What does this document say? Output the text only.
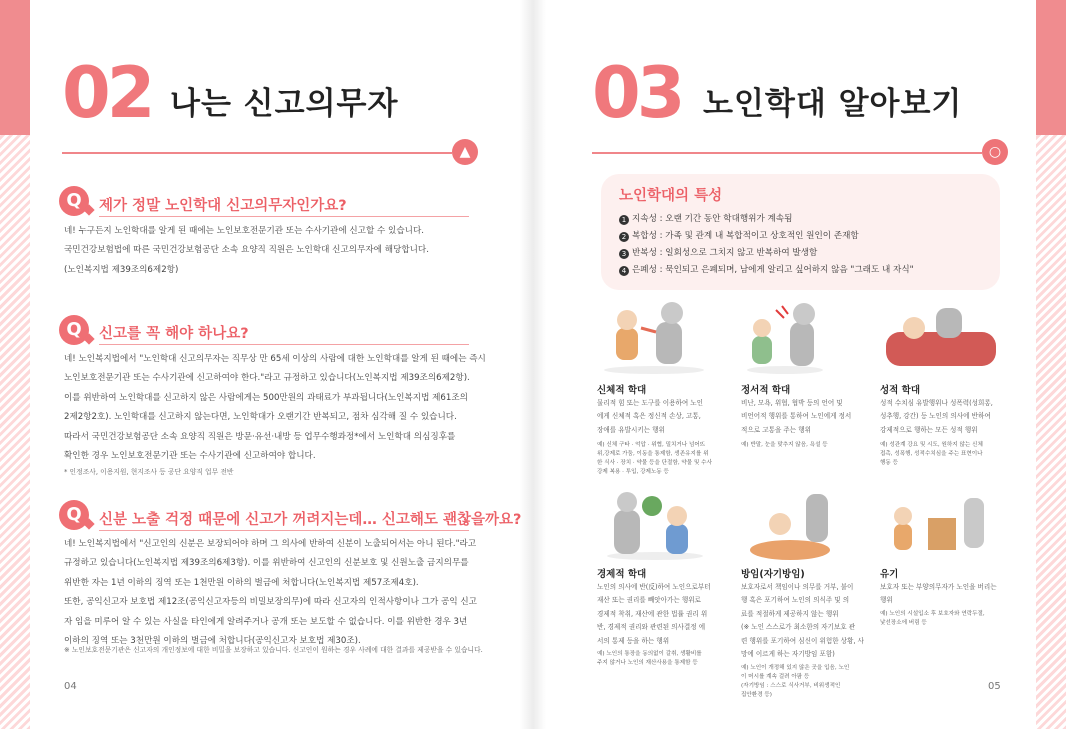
02 나는 신고의무자
▲
Q	제가 정말 노인학대 신고의무자인가요?
네! 누구든지 노인학대를 알게 된 때에는 노인보호전문기관 또는 수사기관에 신고할 수 있습니다.
국민건강보험법에 따른 국민건강보험공단 소속 요양직 직원은 노인학대 신고의무자에 해당합니다.
(노인복지법 제39조의6제2항)
Q	신고를 꼭 해야 하나요?
네! 노인복지법에서 "노인학대 신고의무자는 직무상 만 65세 이상의 사람에 대한 노인학대를 알게 된 때에는 즉시
노인보호전문기관 또는 수사기관에 신고하여야 한다."라고 규정하고 있습니다(노인복지법 제39조의6제2항).
이를 위반하여 노인학대를 신고하지 않은 사람에게는 500만원의 과태료가 부과됩니다(노인복지법 제61조의
2제2항2호). 노인학대를 신고하지 않는다면, 노인학대가 오랜기간 반복되고, 점차 심각해 질 수 있습니다.
따라서 국민건강보험공단 소속 요양직 직원은 방문·유선·내방 등 업무수행과정*에서 노인학대 의심징후를
확인한 경우 노인보호전문기관 또는 수사기관에 신고하여야 합니다.
* 인정조사, 이용지원, 현지조사 등 공단 요양직 업무 전반
Q	신분 노출 걱정 때문에 신고가 꺼려지는데… 신고해도 괜찮을까요?
네! 노인복지법에서 "신고인의 신분은 보장되어야 하며 그 의사에 반하여 신분이 노출되어서는 아니 된다."라고
규정하고 있습니다(노인복지법 제39조의6제3항). 이를 위반하여 신고인의 신분보호 및 신원노출 금지의무를
위반한 자는 1년 이하의 징역 또는 1천만원 이하의 벌금에 처합니다(노인복지법 제57조제4호).
또한, 공익신고자 보호법 제12조(공익신고자등의 비밀보장의무)에 따라 신고자의 인적사항이나 그가 공익 신고
자 임을 미루어 알 수 있는 사실을 타인에게 알려주거나 공개 또는 보도할 수 없습니다. 이를 위반한 경우 3년
이하의 징역 또는 3천만원 이하의 벌금에 처합니다(공익신고자 보호법 제30조).
※ 노인보호전문기관은 신고자의 개인정보에 대한 비밀을 보장하고 있습니다. 신고인이 원하는 경우 사례에 대한 결과를 제공받을 수 있습니다.
04
03 노인학대 알아보기
○
노인학대의 특성
1 지속성 : 오랜 기간 동안 학대행위가 계속됨
2 복합성 : 가족 및 관계 내 복합적이고 상호적인 원인이 존재함
3 반복성 : 일회성으로 그치지 않고 반복하여 발생함
4 은폐성 : 묵인되고 은폐되며, 남에게 알리고 싶어하지 않음 "그래도 내 자식"
신체적 학대
물리적 힘 또는 도구를 이용하여 노인
에게 신체적 혹은 정신적 손상, 고통,
장애를 유발시키는 행위
예) 신체 구타 · 억압 · 위협, 밀치거나 넘어뜨
위,강제로 가둠, 이동을 통제함, 생존유지를 위
한 식사 · 장치 · 약물 등을 단절함, 약물 및 수사
강제 복용 · 투입, 강제노동 등
정서적 학대
비난, 모욕, 위협, 협박 등의 언어 및
비언어적 행위를 통하여 노인에게 정서
적으로 고통을 주는 행위
예) 반말, 눈을 맞추지 않음, 욕설 등
성적 학대
성적 수치심 유발행위나 성폭력(성희롱,
성추행, 강간) 등 노인의 의사에 반하여
강제적으로 행하는 모든 성적 행위
예) 성관계 강요 및 시도, 원하지 않는 신체
접촉, 성폭행, 성적수치심을 주는 표현이나
행동 등
경제적 학대
노인의 의사에 반(反)하여 노인으로부터
재산 또는 권리를 빼앗아가는 행위로
경제적 착취, 재산에 관한 법률 권리 위
반, 경제적 권리와 관련된 의사결정 에
서의 통제 등을 하는 행위
예) 노인의 통장을 동의없이 갈취, 생활비를
주지 않거나 노인의 재산사용을 통제함 등
방임(자기방임)
보호자로서 책임이나 의무를 거부, 불이
행 혹은 포기하여 노인의 의식주 및 의
료를 적절하게 제공하지 않는 행위
(※ 노인 스스로가 최소한의 자기보호 관
련 행위를 포기하여 심신이 위험한 상황, 사
망에 이르게 하는 자기방임 포함)
예) 노인이 개정해 있지 않은 곳을 입음, 노인
이 머시를 계속 걸려 아팜 등
(자기방임 : 스스로 식사거부, 비위생적인
집안환경 등)
유기
보호자 또는 부양의무자가 노인을 버리는
행위
예) 노인의 시설입소 후 보호자와 연락두절,
낯선장소에 버림 등
05
